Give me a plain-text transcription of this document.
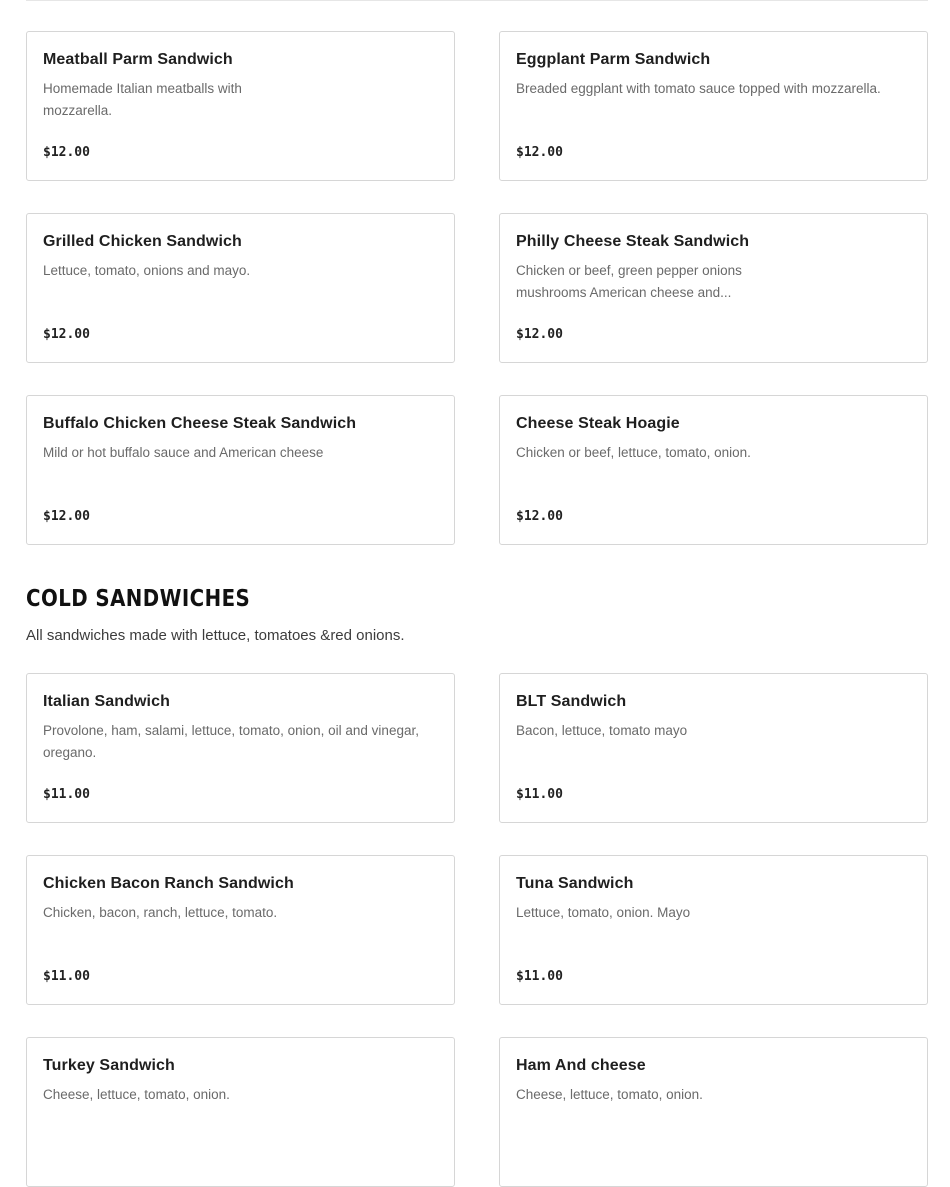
Meatball Parm Sandwich
Homemade Italian meatballs with mozzarella.
$12.00
Eggplant Parm Sandwich
Breaded eggplant with tomato sauce topped with mozzarella.
$12.00
Grilled Chicken Sandwich
Lettuce, tomato, onions and mayo.
$12.00
Philly Cheese Steak Sandwich
Chicken or beef, green pepper onions mushrooms American cheese and...
$12.00
Buffalo Chicken Cheese Steak Sandwich
Mild or hot buffalo sauce and American cheese
$12.00
Cheese Steak Hoagie
Chicken or beef, lettuce, tomato, onion.
$12.00
COLD SANDWICHES
All sandwiches made with lettuce, tomatoes &red onions.
Italian Sandwich
Provolone, ham, salami, lettuce, tomato, onion, oil and vinegar, oregano.
$11.00
BLT Sandwich
Bacon, lettuce, tomato mayo
$11.00
Chicken Bacon Ranch Sandwich
Chicken, bacon, ranch, lettuce, tomato.
$11.00
Tuna Sandwich
Lettuce, tomato, onion. Mayo
$11.00
Turkey Sandwich
Cheese, lettuce, tomato, onion.
Ham And cheese
Cheese, lettuce, tomato, onion.
